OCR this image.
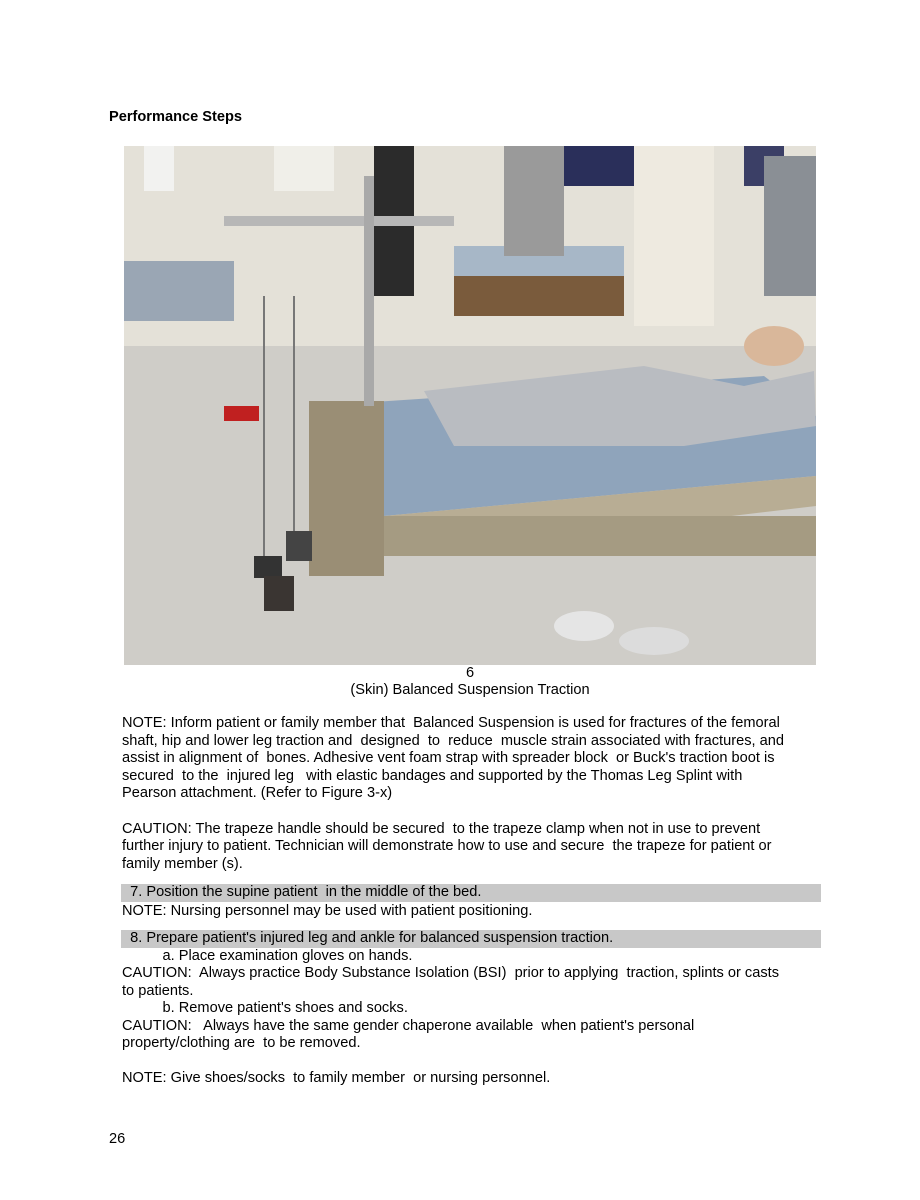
Performance Steps
6
(Skin) Balanced Suspension Traction
NOTE: Inform patient or family member that  Balanced Suspension is used for fractures of the femoral
shaft, hip and lower leg traction and  designed  to  reduce  muscle strain associated with fractures, and
assist in alignment of  bones. Adhesive vent foam strap with spreader block  or Buck's traction boot is
secured  to the  injured leg   with elastic bandages and supported by the Thomas Leg Splint with
Pearson attachment. (Refer to Figure 3-x)
CAUTION: The trapeze handle should be secured  to the trapeze clamp when not in use to prevent
further injury to patient. Technician will demonstrate how to use and secure  the trapeze for patient or
family member (s).
7. Position the supine patient  in the middle of the bed.
NOTE: Nursing personnel may be used with patient positioning.
8. Prepare patient's injured leg and ankle for balanced suspension traction.
a. Place examination gloves on hands.
CAUTION:  Always practice Body Substance Isolation (BSI)  prior to applying  traction, splints or casts
to patients.
b. Remove patient's shoes and socks.
CAUTION:   Always have the same gender chaperone available  when patient's personal
property/clothing are  to be removed.
NOTE: Give shoes/socks  to family member  or nursing personnel.
26
